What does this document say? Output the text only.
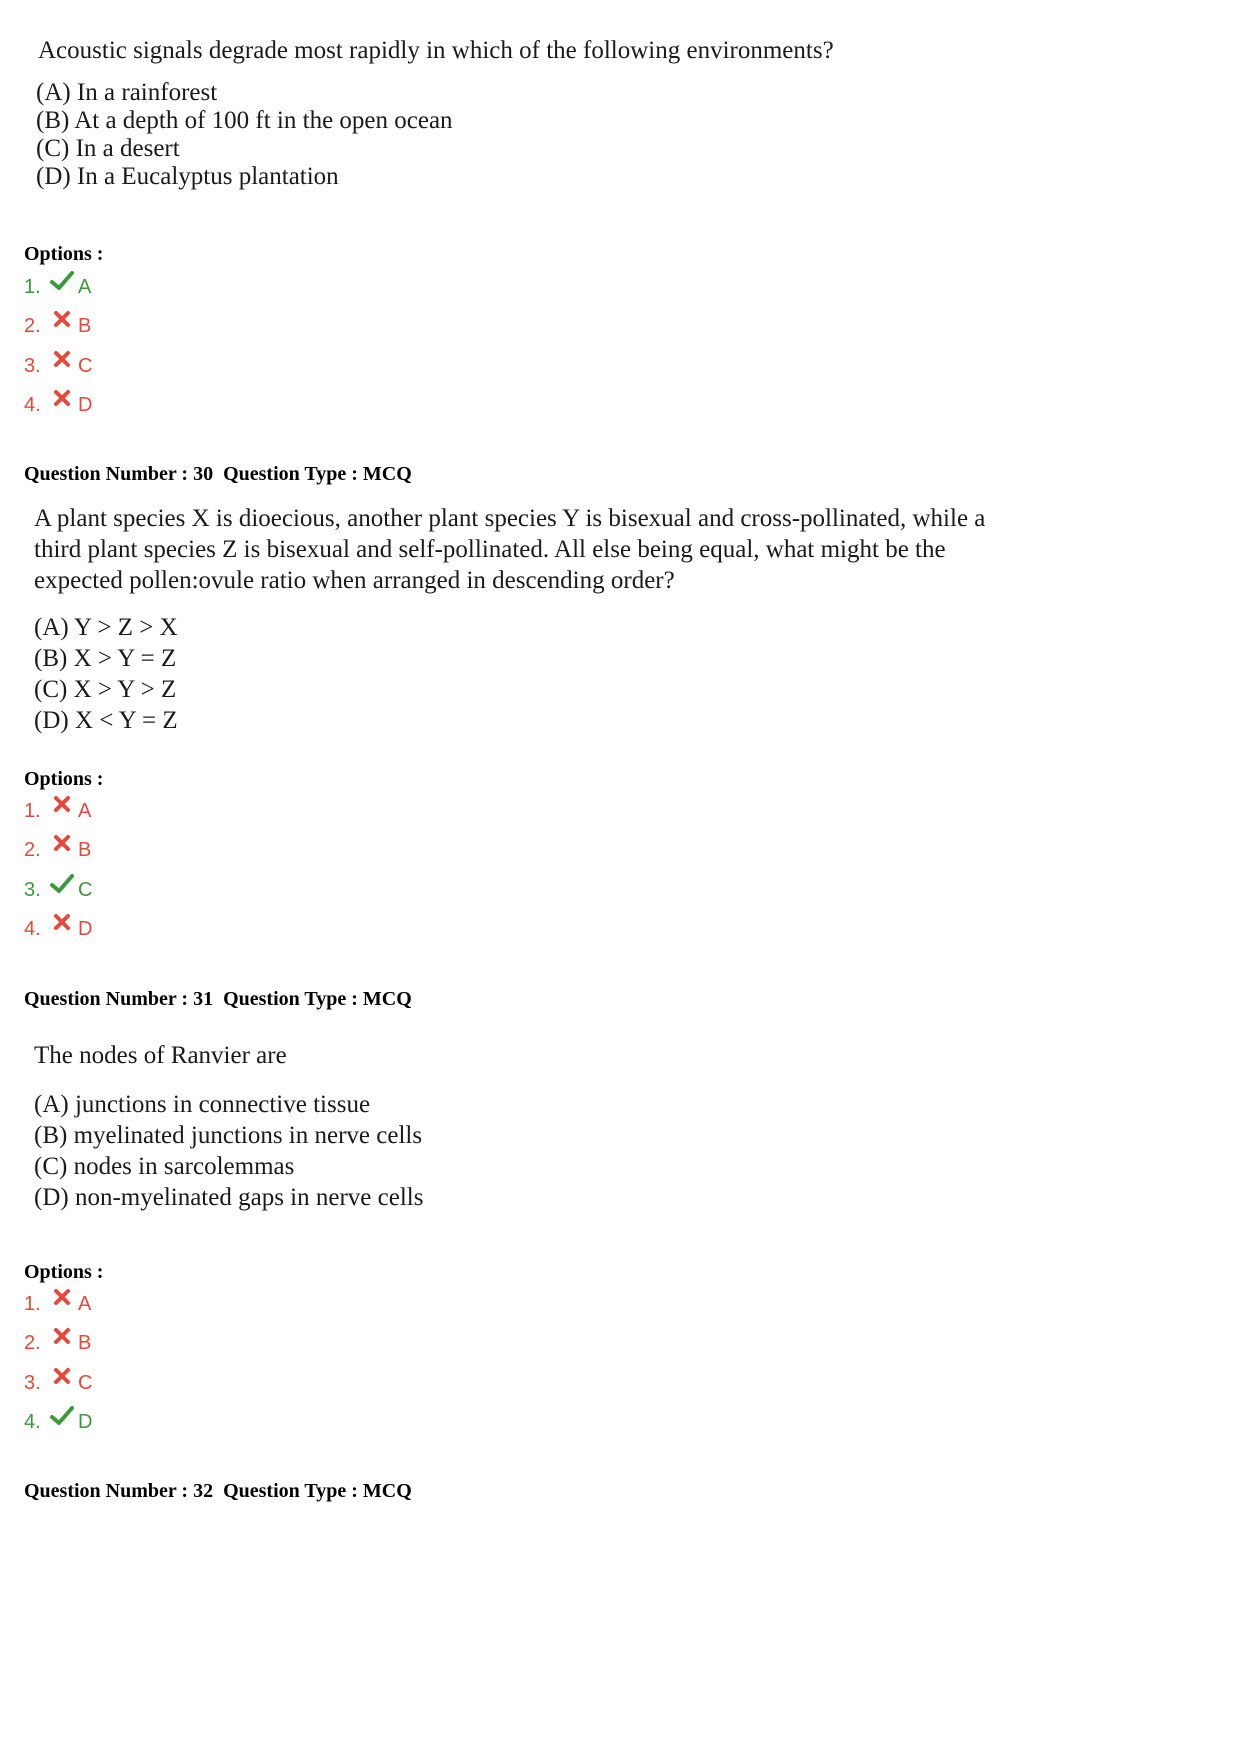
Acoustic signals degrade most rapidly in which of the following environments?
(A) In a rainforest
(B) At a depth of 100 ft in the open ocean
(C) In a desert
(D) In a Eucalyptus plantation
Options :
1.	A
2.	B
3.	C
4.	D
Question Number : 30  Question Type : MCQ
A plant species X is dioecious, another plant species Y is bisexual and cross-pollinated, while a
third plant species Z is bisexual and self-pollinated. All else being equal, what might be the
expected pollen:ovule ratio when arranged in descending order?
(A) Y > Z > X
(B) X > Y = Z
(C) X > Y > Z
(D) X < Y = Z
Options :
1.	A
2.	B
3.	C
4.	D
Question Number : 31  Question Type : MCQ
The nodes of Ranvier are
(A) junctions in connective tissue
(B) myelinated junctions in nerve cells
(C) nodes in sarcolemmas
(D) non-myelinated gaps in nerve cells
Options :
1.	A
2.	B
3.	C
4.	D
Question Number : 32  Question Type : MCQ
